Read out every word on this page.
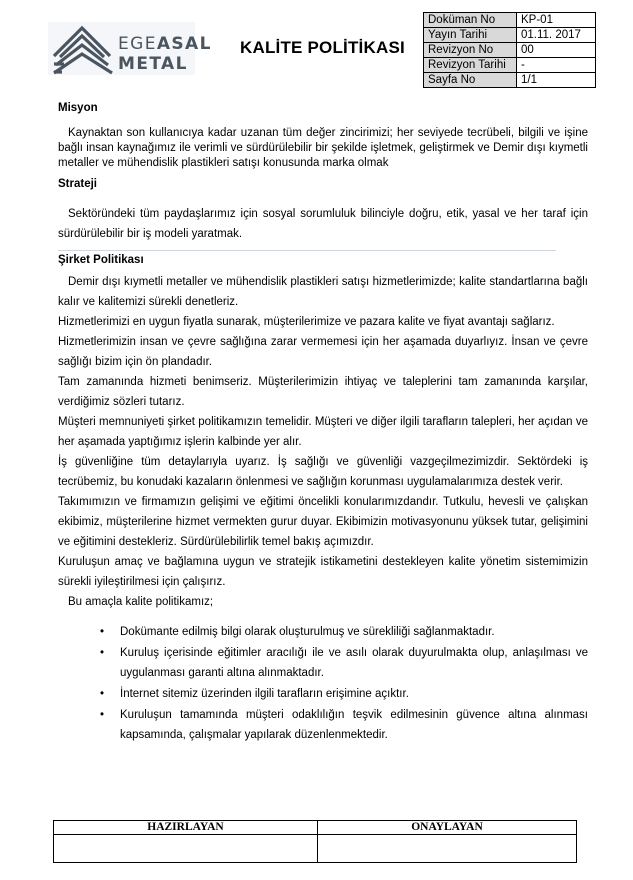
EGEASAL
METAL
KALİTE POLİTİKASI
Doküman No	KP-01
Yayın Tarihi	01.11. 2017
Revizyon No	00
Revizyon Tarihi	-
Sayfa No	1/1
Misyon
Kaynaktan son kullanıcıya kadar uzanan tüm değer zincirimizi; her seviyede tecrübeli, bilgili ve işine bağlı insan kaynağımız ile verimli ve sürdürülebilir bir şekilde işletmek, geliştirmek ve Demir dışı kıymetli metaller ve mühendislik plastikleri satışı konusunda marka olmak
Strateji
Sektöründeki tüm paydaşlarımız için sosyal sorumluluk bilinciyle doğru, etik, yasal ve her taraf için sürdürülebilir bir iş modeli yaratmak.
Şirket Politikası
Demir dışı kıymetli metaller ve mühendislik plastikleri satışı hizmetlerimizde; kalite standartlarına bağlı kalır ve kalitemizi sürekli denetleriz.
Hizmetlerimizi en uygun fiyatla sunarak, müşterilerimize ve pazara kalite ve fiyat avantajı sağlarız.
Hizmetlerimizin insan ve çevre sağlığına zarar vermemesi için her aşamada duyarlıyız. İnsan ve çevre sağlığı bizim için ön plandadır.
Tam zamanında hizmeti benimseriz. Müşterilerimizin ihtiyaç ve taleplerini tam zamanında karşılar, verdiğimiz sözleri tutarız.
Müşteri memnuniyeti şirket politikamızın temelidir. Müşteri ve diğer ilgili tarafların talepleri, her açıdan ve her aşamada yaptığımız işlerin kalbinde yer alır.
İş güvenliğine tüm detaylarıyla uyarız. İş sağlığı ve güvenliği vazgeçilmezimizdir. Sektördeki iş tecrübemiz, bu konudaki kazaların önlenmesi ve sağlığın korunması uygulamalarımıza destek verir.
Takımımızın ve firmamızın gelişimi ve eğitimi öncelikli konularımızdandır. Tutkulu, hevesli ve çalışkan ekibimiz, müşterilerine hizmet vermekten gurur duyar. Ekibimizin motivasyonunu yüksek tutar, gelişimini ve eğitimini destekleriz. Sürdürülebilirlik temel bakış açımızdır.
Kuruluşun amaç ve bağlamına uygun ve stratejik istikametini destekleyen kalite yönetim sistemimizin sürekli iyileştirilmesi için çalışırız.
Bu amaçla kalite politikamız;
• Dokümante edilmiş bilgi olarak oluşturulmuş ve sürekliliği sağlanmaktadır.
• Kuruluş içerisinde eğitimler aracılığı ile ve asılı olarak duyurulmakta olup, anlaşılması ve uygulanması garanti altına alınmaktadır.
• İnternet sitemiz üzerinden ilgili tarafların erişimine açıktır.
• Kuruluşun tamamında müşteri odaklılığın teşvik edilmesinin güvence altına alınması kapsamında, çalışmalar yapılarak düzenlenmektedir.
HAZIRLAYAN	ONAYLAYAN
